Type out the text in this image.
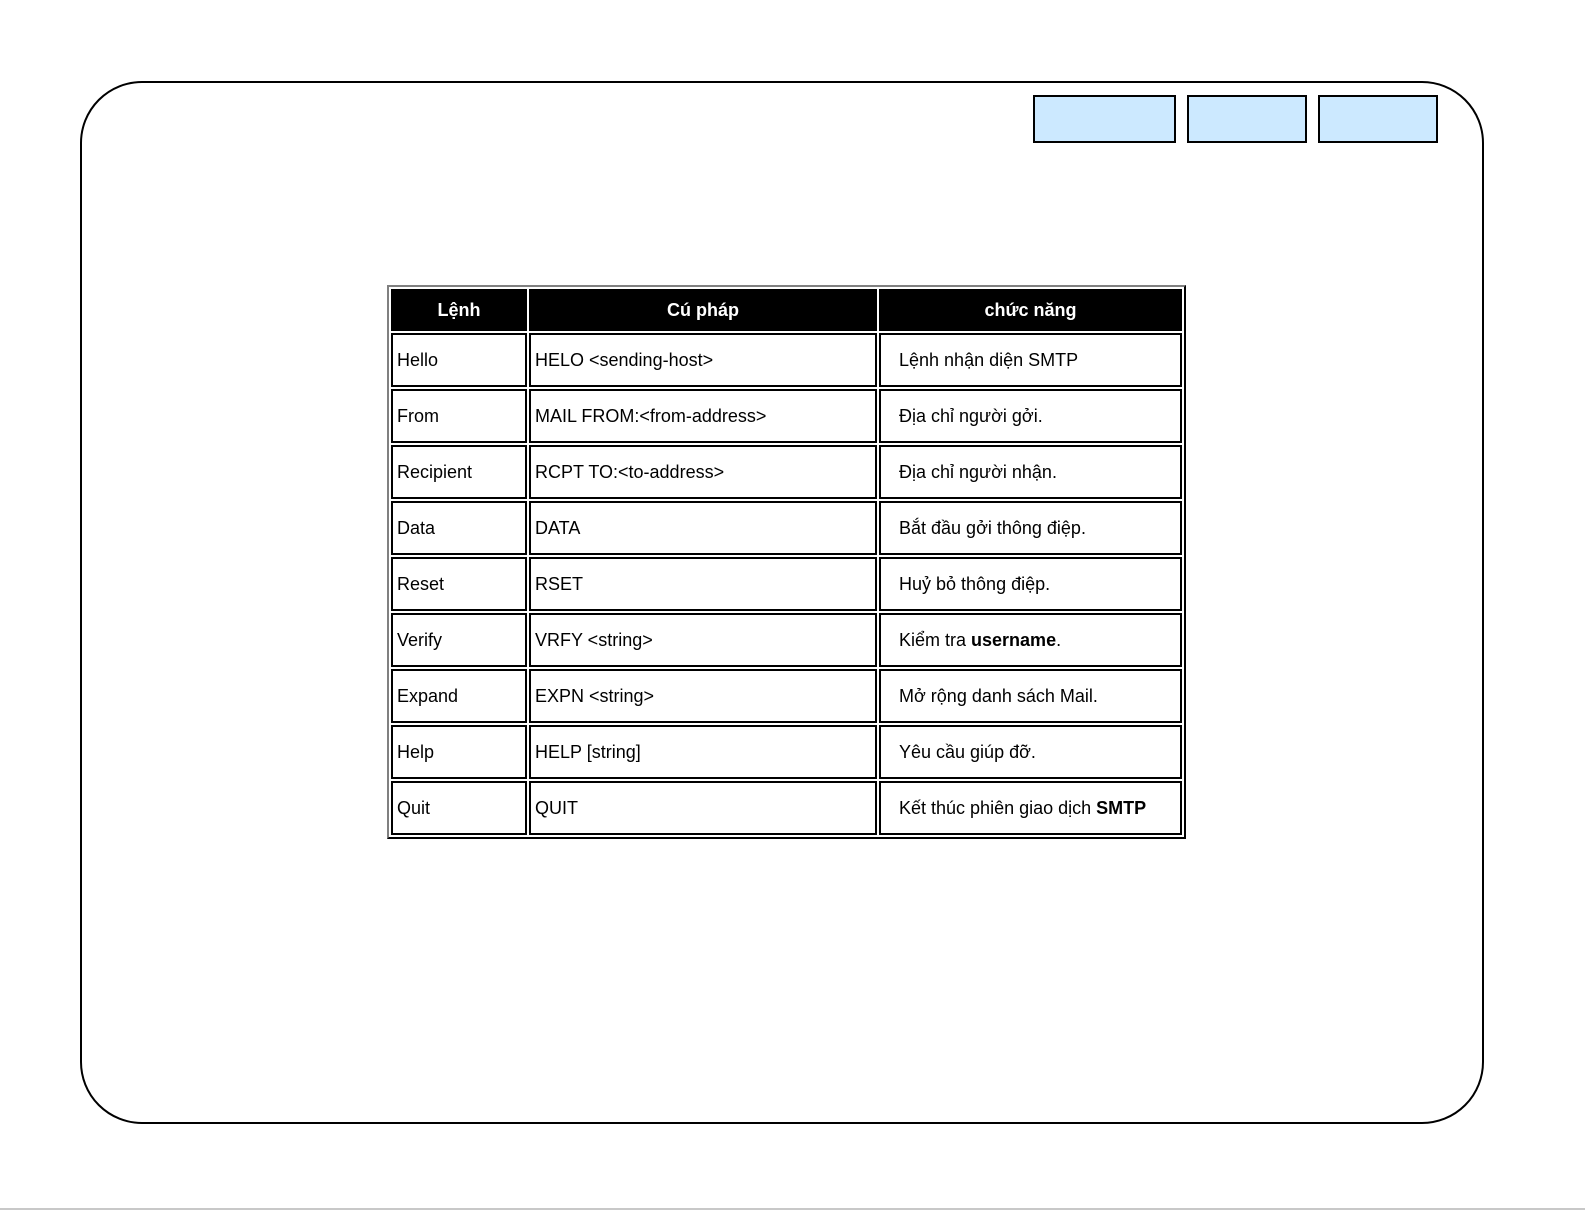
Lệnh	Cú pháp	chức năng
Hello	HELO <sending-host>	Lệnh nhận diện SMTP
From	MAIL FROM:<from-address>	Địa chỉ người gởi.
Recipient	RCPT TO:<to-address>	Địa chỉ người nhận.
Data	DATA	Bắt đầu gởi thông điệp.
Reset	RSET	Huỷ bỏ thông điệp.
Verify	VRFY <string>	Kiểm tra username.
Expand	EXPN <string>	Mở rộng danh sách Mail.
Help	HELP [string]	Yêu cầu giúp đỡ.
Quit	QUIT	Kết thúc phiên giao dịch SMTP
